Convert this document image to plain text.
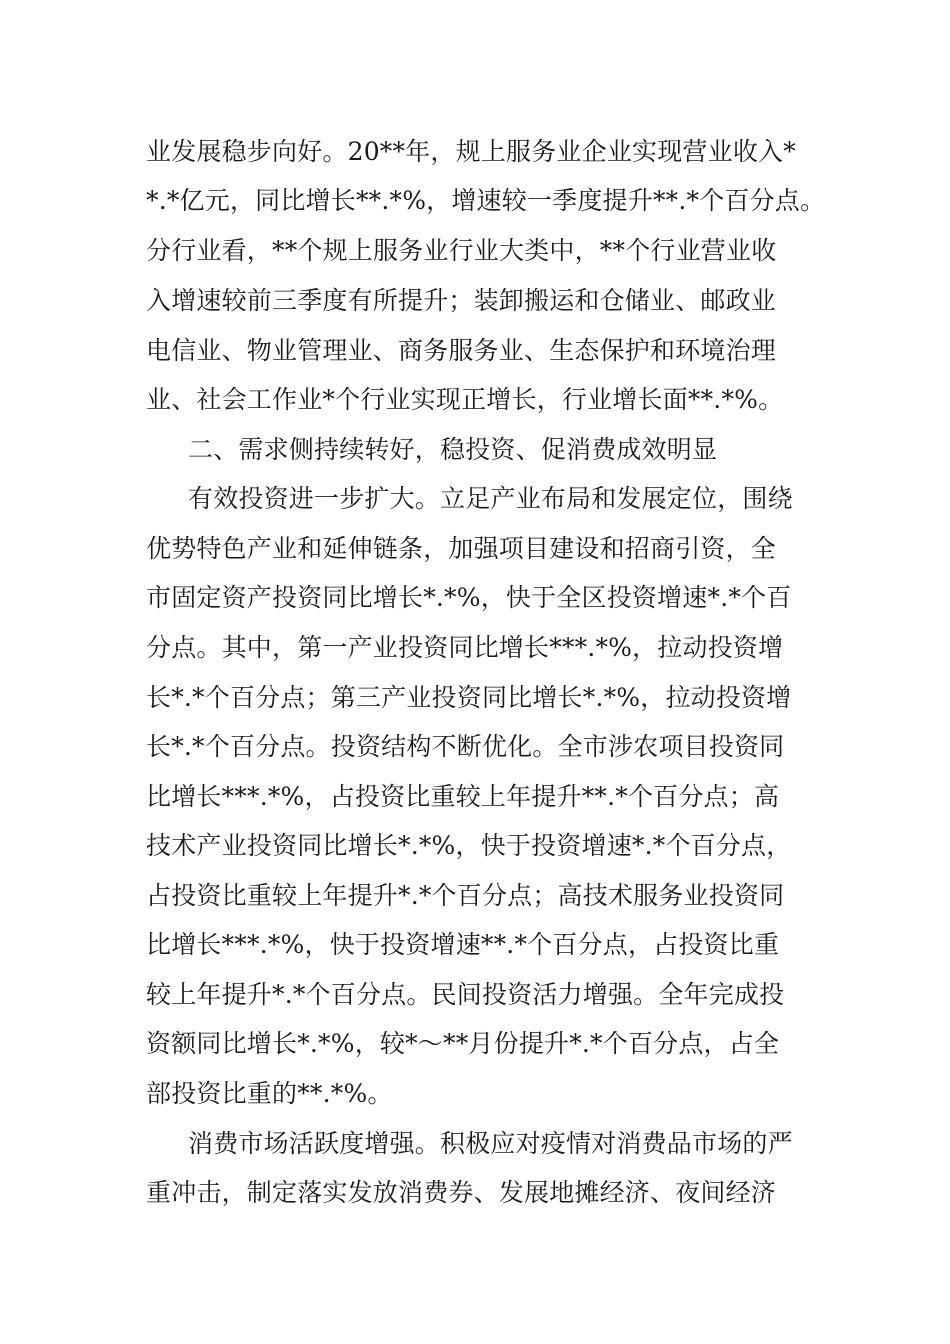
业发展稳步向好。20**年，规上服务业企业实现营业收入*
*.*亿元，同比增长**.*%，增速较一季度提升**.*个百分点。
分行业看，**个规上服务业行业大类中，**个行业营业收
入增速较前三季度有所提升；装卸搬运和仓储业、邮政业
电信业、物业管理业、商务服务业、生态保护和环境治理
业、社会工作业*个行业实现正增长，行业增长面**.*%。
二、需求侧持续转好，稳投资、促消费成效明显
有效投资进一步扩大。立足产业布局和发展定位，围绕
优势特色产业和延伸链条，加强项目建设和招商引资，全
市固定资产投资同比增长*.*%，快于全区投资增速*.*个百
分点。其中，第一产业投资同比增长***.*%，拉动投资增
长*.*个百分点；第三产业投资同比增长*.*%，拉动投资增
长*.*个百分点。投资结构不断优化。全市涉农项目投资同
比增长***.*%，占投资比重较上年提升**.*个百分点；高
技术产业投资同比增长*.*%，快于投资增速*.*个百分点，
占投资比重较上年提升*.*个百分点；高技术服务业投资同
比增长***.*%，快于投资增速**.*个百分点，占投资比重
较上年提升*.*个百分点。民间投资活力增强。全年完成投
资额同比增长*.*%，较*～**月份提升*.*个百分点，占全
部投资比重的**.*%。
消费市场活跃度增强。积极应对疫情对消费品市场的严
重冲击，制定落实发放消费券、发展地摊经济、夜间经济
